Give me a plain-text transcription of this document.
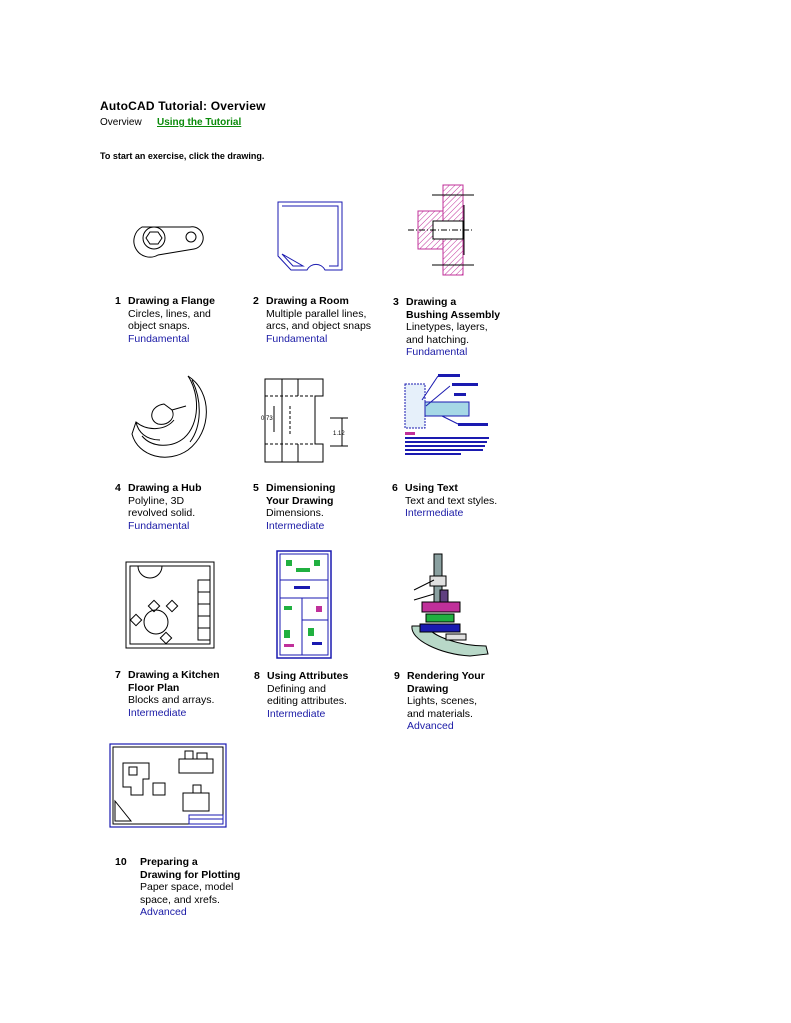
AutoCAD Tutorial: Overview
Overview Using the Tutorial
To start an exercise, click the drawing.
0.73
1.12
1 Drawing a Flange
Circles, lines, and
object snaps.
Fundamental
2 Drawing a Room
Multiple parallel lines,
arcs, and object snaps
Fundamental
3 Drawing a
Bushing Assembly
Linetypes, layers,
and hatching.
Fundamental
4 Drawing a Hub
Polyline, 3D
revolved solid.
Fundamental
5 Dimensioning
Your Drawing
Dimensions.
Intermediate
6 Using Text
Text and text styles.
Intermediate
7 Drawing a Kitchen
Floor Plan
Blocks and arrays.
Intermediate
8 Using Attributes
Defining and
editing attributes.
Intermediate
9 Rendering Your
Drawing
Lights, scenes,
and materials.
Advanced
10 Preparing a
Drawing for Plotting
Paper space, model
space, and xrefs.
Advanced
